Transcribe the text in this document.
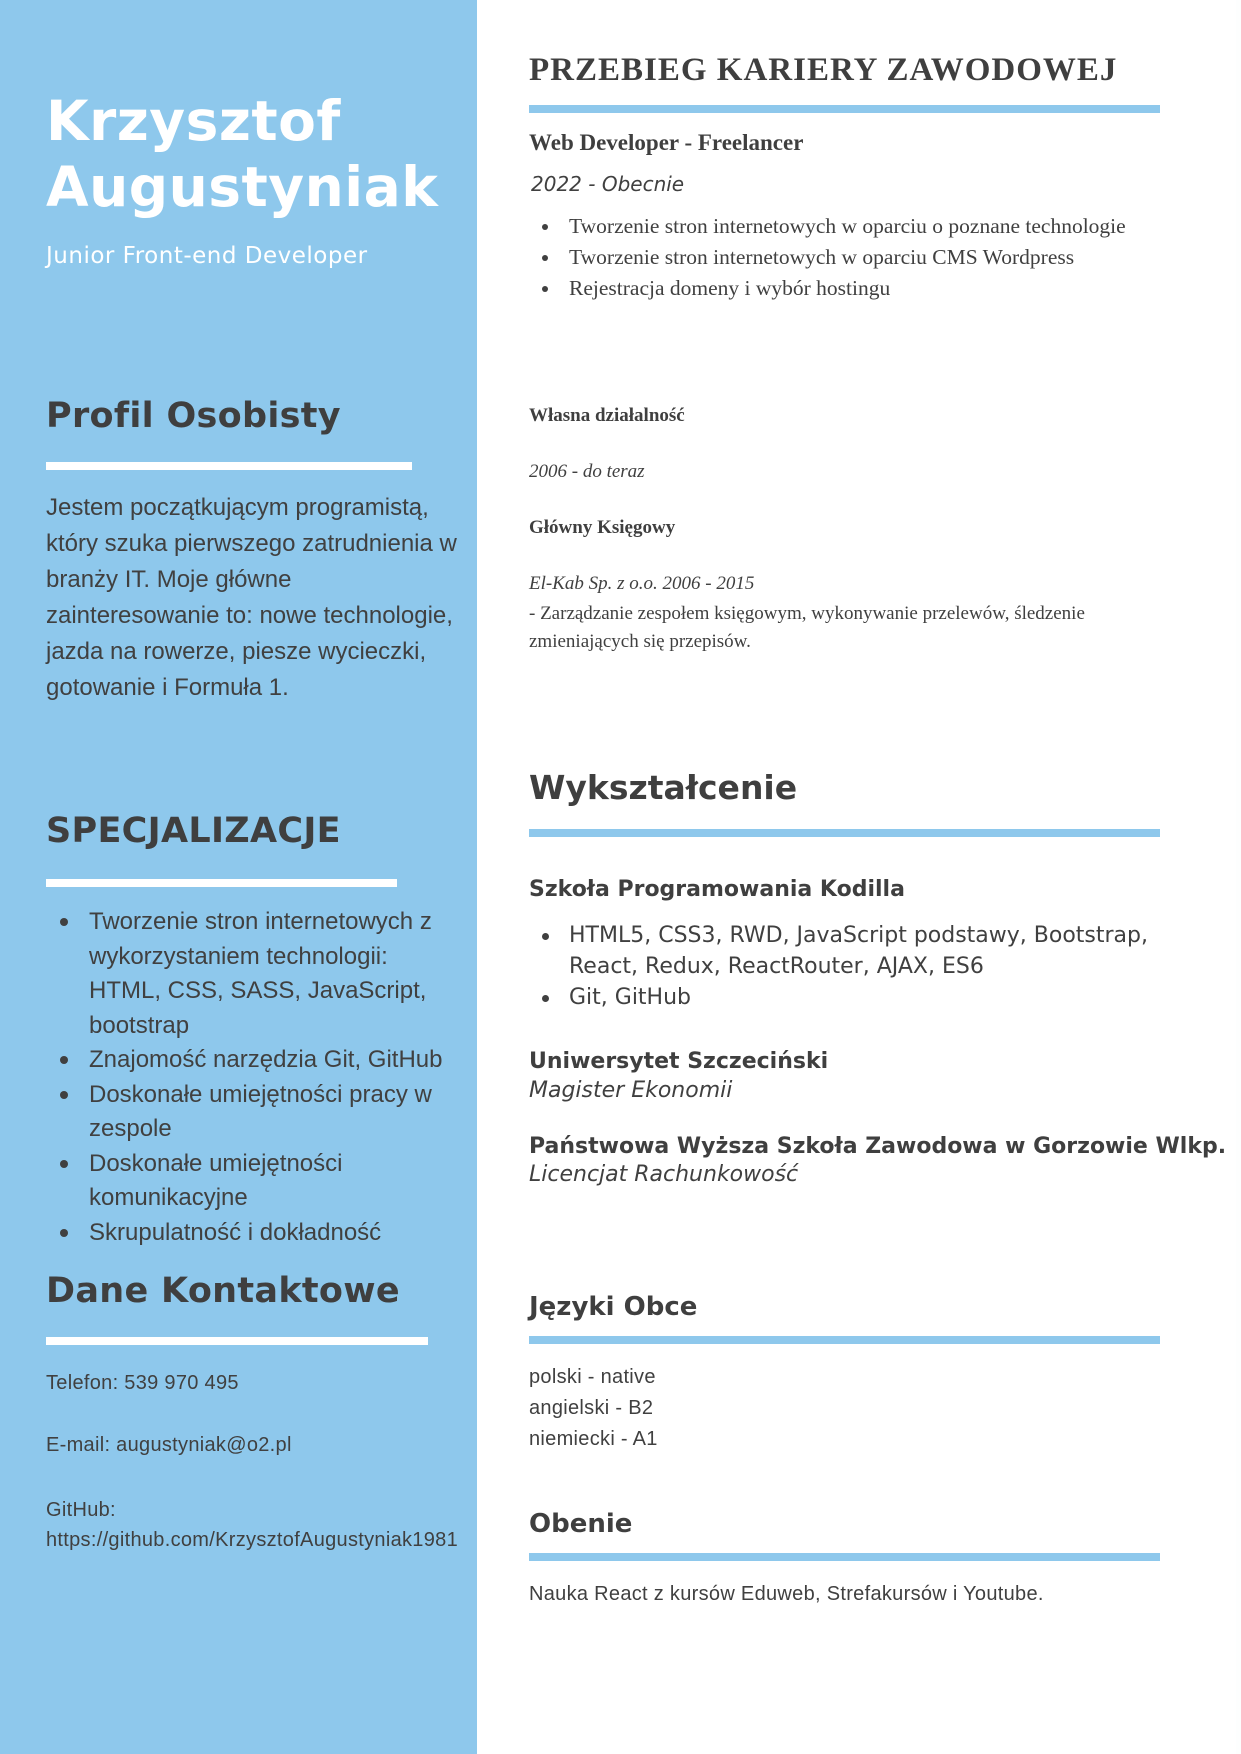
Krzysztof
Augustyniak
Junior Front-end Developer
Profil Osobisty

Jestem początkującym programistą, który szuka pierwszego zatrudnienia w branży IT. Moje główne zainteresowanie to: nowe technologie, jazda na rowerze, piesze wycieczki, gotowanie i Formuła 1.

SPECJALIZACJE
Tworzenie stron internetowych z wykorzystaniem technologii: HTML, CSS, SASS, JavaScript, bootstrap
Znajomość narzędzia Git, GitHub
Doskonałe umiejętności pracy w zespole
Doskonałe umiejętności komunikacyjne
Skrupulatność i dokładność
Dane Kontaktowe
Telefon: 539 970 495
E-mail: augustyniak@o2.pl
GitHub:
https://github.com/KrzysztofAugustyniak1981
PRZEBIEG KARIERY ZAWODOWEJ
Web Developer - Freelancer
2022 - Obecnie
Tworzenie stron internetowych w oparciu o poznane technologie
Tworzenie stron internetowych w oparciu CMS Wordpress
Rejestracja domeny i wybór hostingu
Własna działalność
2006 - do teraz
Główny Księgowy
El-Kab Sp. z o.o. 2006 - 2015
- Zarządzanie zespołem księgowym, wykonywanie przelewów, śledzenie zmieniających się przepisów.
Wykształcenie
Szkoła Programowania Kodilla
HTML5, CSS3, RWD, JavaScript podstawy, Bootstrap, React, Redux, ReactRouter, AJAX, ES6
Git, GitHub
Uniwersytet Szczeciński
Magister Ekonomii
Państwowa Wyższa Szkoła Zawodowa w Gorzowie Wlkp.
Licencjat Rachunkowość
Języki Obce
polski - native
angielski - B2
niemiecki - A1
Obenie
Nauka React z kursów Eduweb, Strefakursów i Youtube.
